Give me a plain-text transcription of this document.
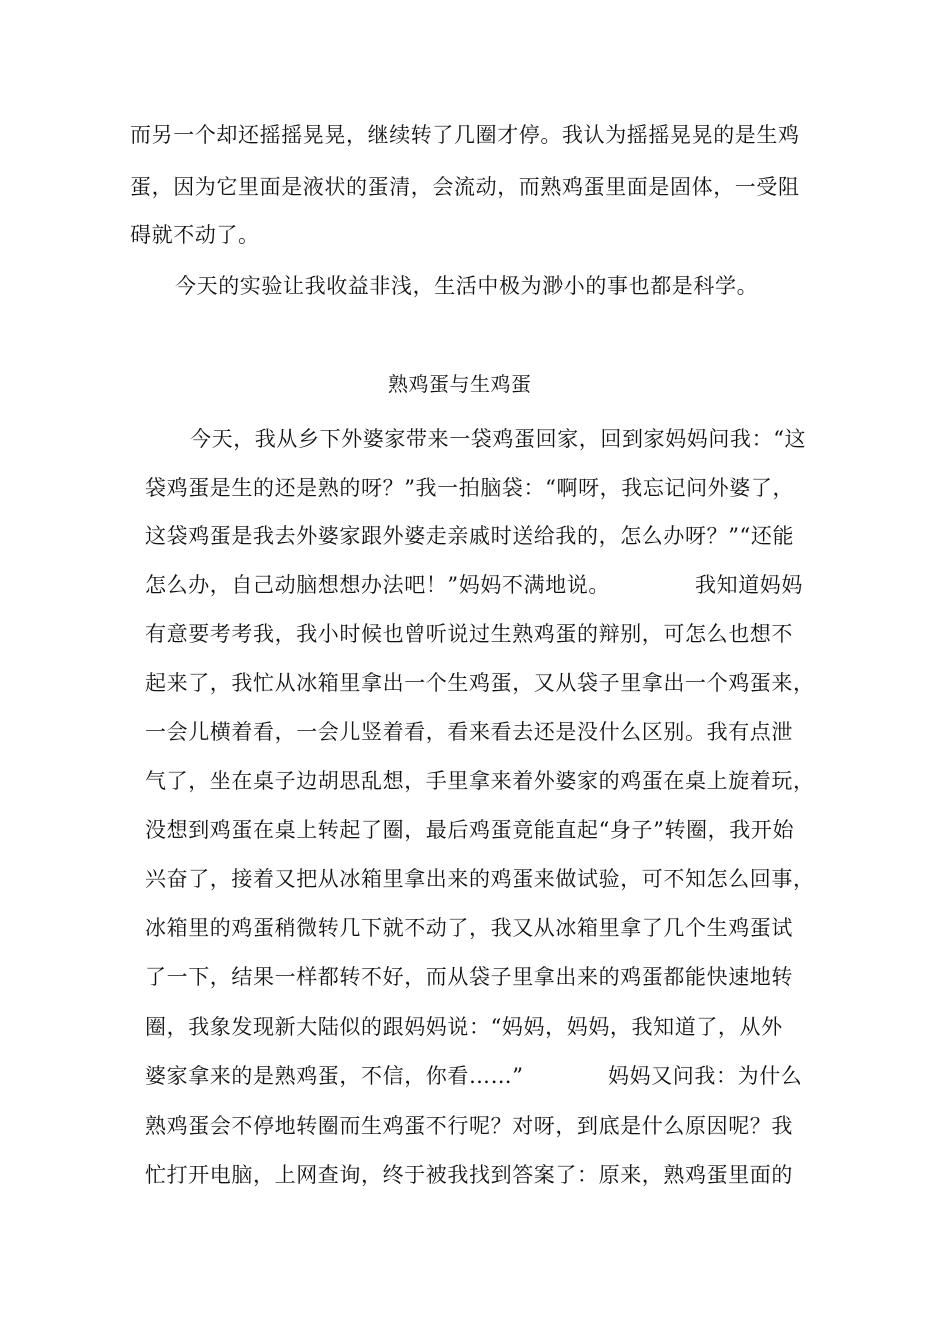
而另一个却还摇摇晃晃，继续转了几圈才停。我认为摇摇晃晃的是生鸡
蛋，因为它里面是液状的蛋清，会流动，而熟鸡蛋里面是固体，一受阻
碍就不动了。
今天的实验让我收益非浅，生活中极为渺小的事也都是科学。
熟鸡蛋与生鸡蛋
今天，我从乡下外婆家带来一袋鸡蛋回家，回到家妈妈问我：“这
袋鸡蛋是生的还是熟的呀？”我一拍脑袋：“啊呀，我忘记问外婆了，
这袋鸡蛋是我去外婆家跟外婆走亲戚时送给我的，怎么办呀？”“还能
怎么办，自己动脑想想办法吧！”妈妈不满地说。	我知道妈妈
有意要考考我，我小时候也曾听说过生熟鸡蛋的辩别，可怎么也想不
起来了，我忙从冰箱里拿出一个生鸡蛋，又从袋子里拿出一个鸡蛋来，
一会儿横着看，一会儿竖着看，看来看去还是没什么区别。我有点泄
气了，坐在桌子边胡思乱想，手里拿来着外婆家的鸡蛋在桌上旋着玩，
没想到鸡蛋在桌上转起了圈，最后鸡蛋竟能直起“身子”转圈，我开始
兴奋了，接着又把从冰箱里拿出来的鸡蛋来做试验，可不知怎么回事，
冰箱里的鸡蛋稍微转几下就不动了，我又从冰箱里拿了几个生鸡蛋试
了一下，结果一样都转不好，而从袋子里拿出来的鸡蛋都能快速地转
圈，我象发现新大陆似的跟妈妈说：“妈妈，妈妈，我知道了，从外
婆家拿来的是熟鸡蛋，不信，你看……”	妈妈又问我：为什么
熟鸡蛋会不停地转圈而生鸡蛋不行呢？对呀，到底是什么原因呢？我
忙打开电脑，上网查询，终于被我找到答案了：原来，熟鸡蛋里面的
